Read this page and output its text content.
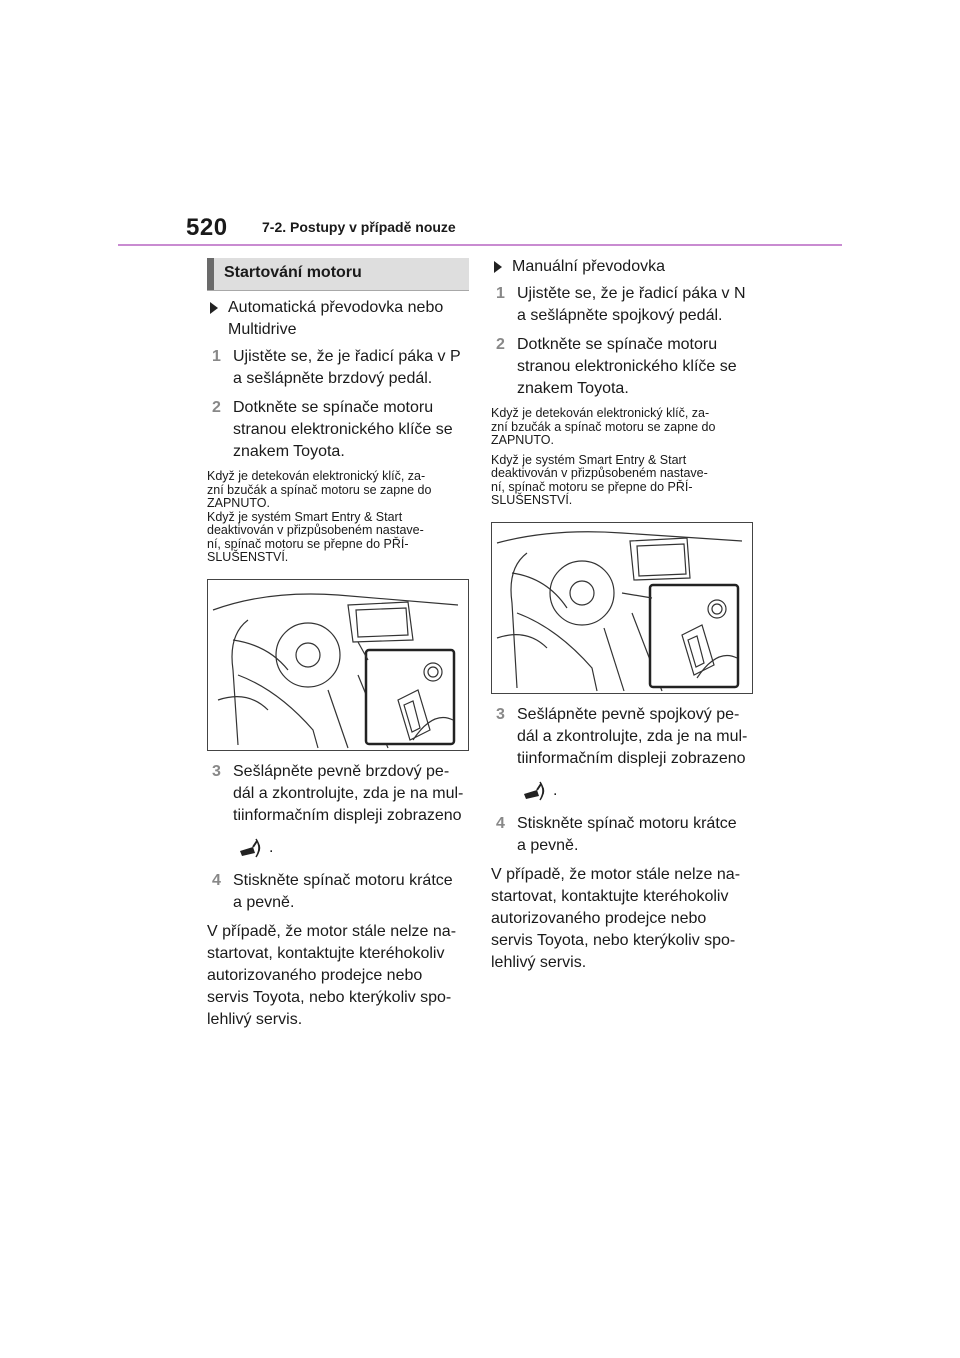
520 7-2. Postupy v případě nouze
Startování motoru
Automatická převodovka nebo
Multidrive
1 Ujistěte se, že je řadicí páka v P
a sešlápněte brzdový pedál.
2 Dotkněte se spínače motoru
stranou elektronického klíče se
znakem Toyota.
Když je detekován elektronický klíč, za-
zní bzučák a spínač motoru se zapne do
ZAPNUTO.
Když je systém Smart Entry & Start
deaktivován v přizpůsobeném nastave-
ní, spínač motoru se přepne do PŘÍ-
SLUŠENSTVÍ.
3 Sešlápněte pevně brzdový pe-
dál a zkontrolujte, zda je na mul-
tiinformačním displeji zobrazeno
.
4 Stiskněte spínač motoru krátce
a pevně.
V případě, že motor stále nelze na-
startovat, kontaktujte kteréhokoliv
autorizovaného prodejce nebo
servis Toyota, nebo kterýkoliv spo-
lehlivý servis.
Manuální převodovka
1 Ujistěte se, že je řadicí páka v N
a sešlápněte spojkový pedál.
2 Dotkněte se spínače motoru
stranou elektronického klíče se
znakem Toyota.
Když je detekován elektronický klíč, za-
zní bzučák a spínač motoru se zapne do
ZAPNUTO.
Když je systém Smart Entry & Start
deaktivován v přizpůsobeném nastave-
ní, spínač motoru se přepne do PŘÍ-
SLUŠENSTVÍ.
3 Sešlápněte pevně spojkový pe-
dál a zkontrolujte, zda je na mul-
tiinformačním displeji zobrazeno
.
4 Stiskněte spínač motoru krátce
a pevně.
V případě, že motor stále nelze na-
startovat, kontaktujte kteréhokoliv
autorizovaného prodejce nebo
servis Toyota, nebo kterýkoliv spo-
lehlivý servis.
